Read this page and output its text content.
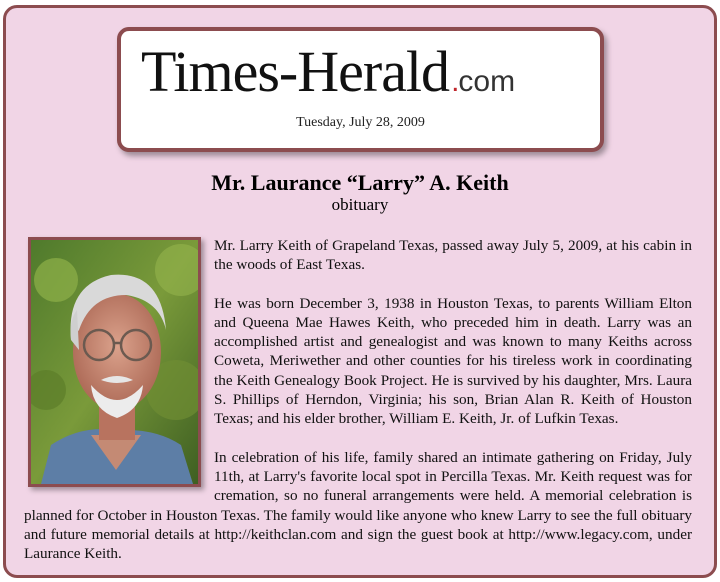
Times-Herald.com
Tuesday, July 28, 2009
Mr. Laurance “Larry” A. Keith
obituary

Mr. Larry Keith of Grapeland Texas, passed away July 5, 2009, at his cabin in the woods of East Texas.

He was born December 3, 1938 in Houston Texas, to parents William Elton and Queena Mae Hawes Keith, who preceded him in death. Larry was an accomplished artist and genealogist and was known to many Keiths across Coweta, Meriwether and other counties for his tireless work in coordinating the Keith Genealogy Book Project. He is survived by his daughter, Mrs. Laura S. Phillips of Herndon, Virginia; his son, Brian Alan R. Keith of Houston Texas; and his elder brother, William E. Keith, Jr. of Lufkin Texas.

In celebration of his life, family shared an intimate gathering on Friday, July 11th, at Larry's favorite local spot in Percilla Texas. Mr. Keith request was for cremation, so no funeral arrangements were held. A memorial celebration is planned for October in Houston Texas. The family would like anyone who knew Larry to see the full obituary and future memorial details at http://keithclan.com and sign the guest book at http://www.legacy.com, under Laurance Keith.
